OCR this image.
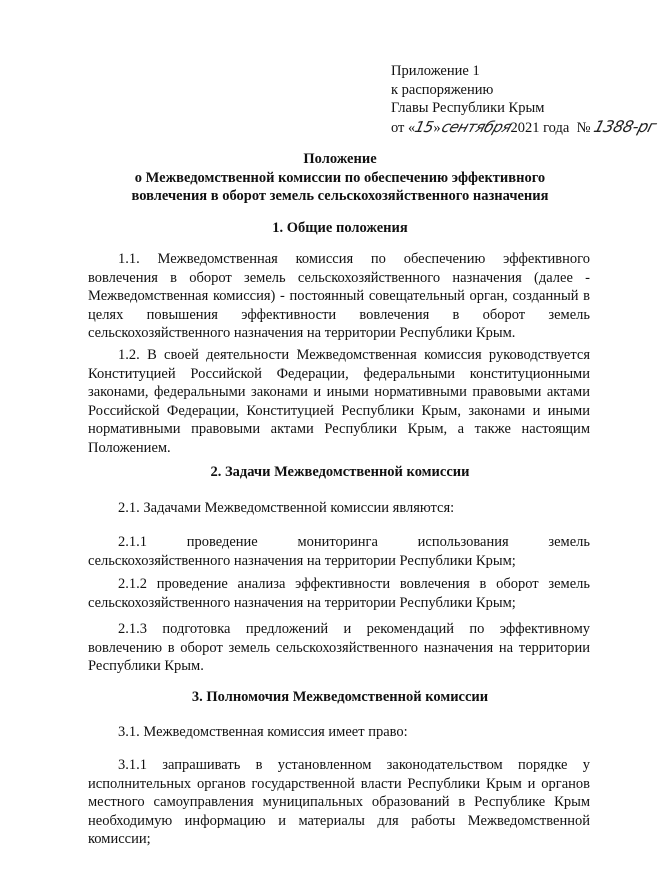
Приложение 1
к распоряжению
Главы Республики Крым
от «15»сентября2021 года № 1388-рг
Положение
о Межведомственной комиссии по обеспечению эффективного
вовлечения в оборот земель сельскохозяйственного назначения
1. Общие положения

1.1. Межведомственная комиссия по обеспечению эффективного вовлечения в оборот земель сельскохозяйственного назначения (далее - Межведомственная комиссия) - постоянный совещательный орган, созданный в целях повышения эффективности вовлечения в оборот земель сельскохозяйственного назначения на территории Республики Крым.

1.2. В своей деятельности Межведомственная комиссия руководствуется Конституцией Российской Федерации, федеральными конституционными законами, федеральными законами и иными нормативными правовыми актами Российской Федерации, Конституцией Республики Крым, законами и иными нормативными правовыми актами Республики Крым, а также настоящим Положением.

2. Задачи Межведомственной комиссии

2.1. Задачами Межведомственной комиссии являются:

2.1.1 проведение мониторинга использования земель сельскохозяйственного назначения на территории Республики Крым;

2.1.2 проведение анализа эффективности вовлечения в оборот земель сельскохозяйственного назначения на территории Республики Крым;

2.1.3 подготовка предложений и рекомендаций по эффективному вовлечению в оборот земель сельскохозяйственного назначения на территории Республики Крым.

3. Полномочия Межведомственной комиссии

3.1. Межведомственная комиссия имеет право:

3.1.1 запрашивать в установленном законодательством порядке у исполнительных органов государственной власти Республики Крым и органов местного самоуправления муниципальных образований в Республике Крым необходимую информацию и материалы для работы Межведомственной комиссии;
